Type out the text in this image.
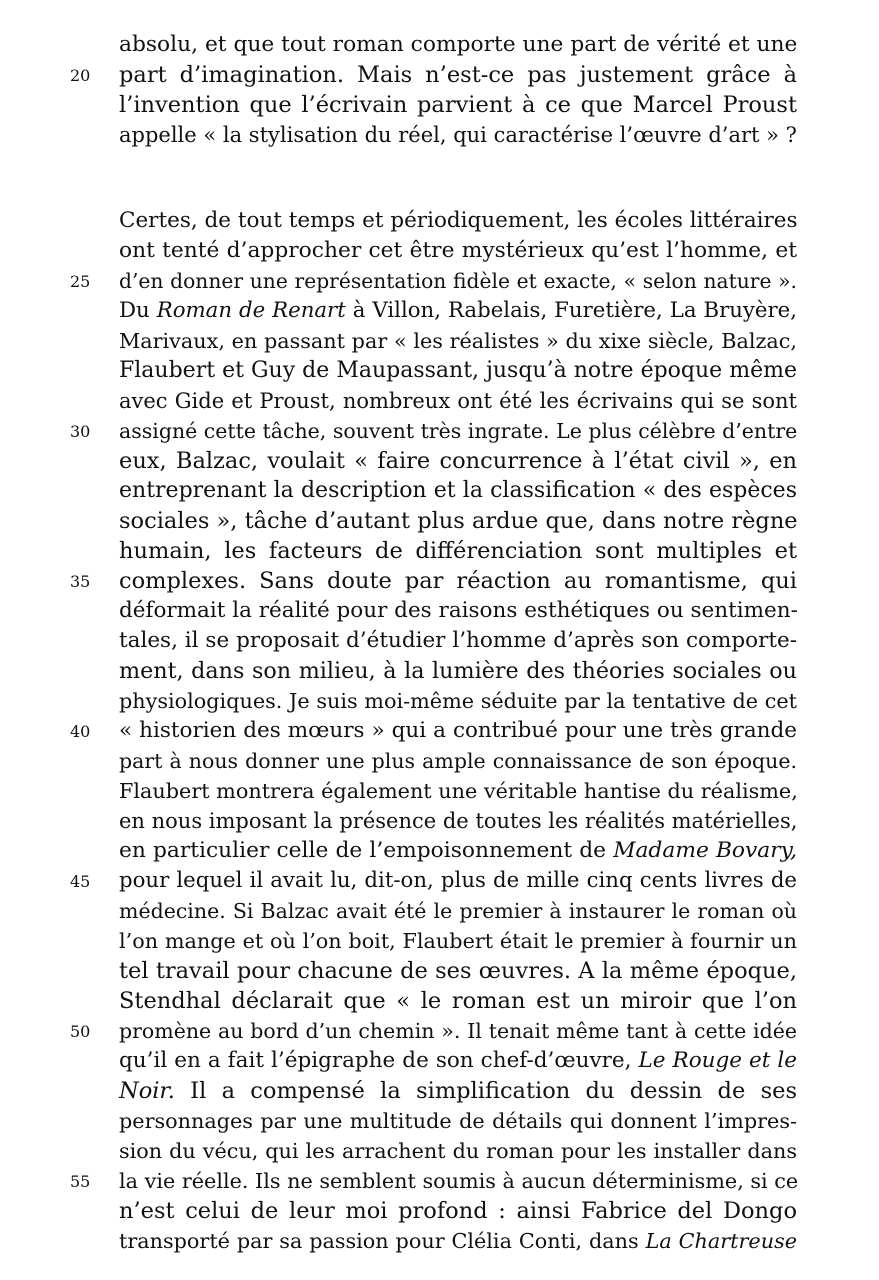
absolu, et que tout roman comporte une part de vérité et une
20	part d’imagination. Mais n’est-ce pas justement grâce à
l’invention que l’écrivain parvient à ce que Marcel Proust
appelle « la stylisation du réel, qui caractérise l’œuvre d’art » ?
Certes, de tout temps et périodiquement, les écoles littéraires
ont tenté d’approcher cet être mystérieux qu’est l’homme, et
25	d’en donner une représentation fidèle et exacte, « selon nature ».
Du Roman de Renart à Villon, Rabelais, Furetière, La Bruyère,
Marivaux, en passant par « les réalistes » du xixe siècle, Balzac,
Flaubert et Guy de Maupassant, jusqu’à notre époque même
avec Gide et Proust, nombreux ont été les écrivains qui se sont
30	assigné cette tâche, souvent très ingrate. Le plus célèbre d’entre
eux, Balzac, voulait « faire concurrence à l’état civil », en
entreprenant la description et la classification « des espèces
sociales », tâche d’autant plus ardue que, dans notre règne
humain, les facteurs de différenciation sont multiples et
35	complexes. Sans doute par réaction au romantisme, qui
déformait la réalité pour des raisons esthétiques ou sentimen-
tales, il se proposait d’étudier l’homme d’après son comporte-
ment, dans son milieu, à la lumière des théories sociales ou
physiologiques. Je suis moi-même séduite par la tentative de cet
40	« historien des mœurs » qui a contribué pour une très grande
part à nous donner une plus ample connaissance de son époque.
Flaubert montrera également une véritable hantise du réalisme,
en nous imposant la présence de toutes les réalités matérielles,
en particulier celle de l’empoisonnement de Madame Bovary,
45	pour lequel il avait lu, dit-on, plus de mille cinq cents livres de
médecine. Si Balzac avait été le premier à instaurer le roman où
l’on mange et où l’on boit, Flaubert était le premier à fournir un
tel travail pour chacune de ses œuvres. A la même époque,
Stendhal déclarait que « le roman est un miroir que l’on
50	promène au bord d’un chemin ». Il tenait même tant à cette idée
qu’il en a fait l’épigraphe de son chef-d’œuvre, Le Rouge et le
Noir. Il a compensé la simplification du dessin de ses
personnages par une multitude de détails qui donnent l’impres-
sion du vécu, qui les arrachent du roman pour les installer dans
55	la vie réelle. Ils ne semblent soumis à aucun déterminisme, si ce
n’est celui de leur moi profond : ainsi Fabrice del Dongo
transporté par sa passion pour Clélia Conti, dans La Chartreuse
